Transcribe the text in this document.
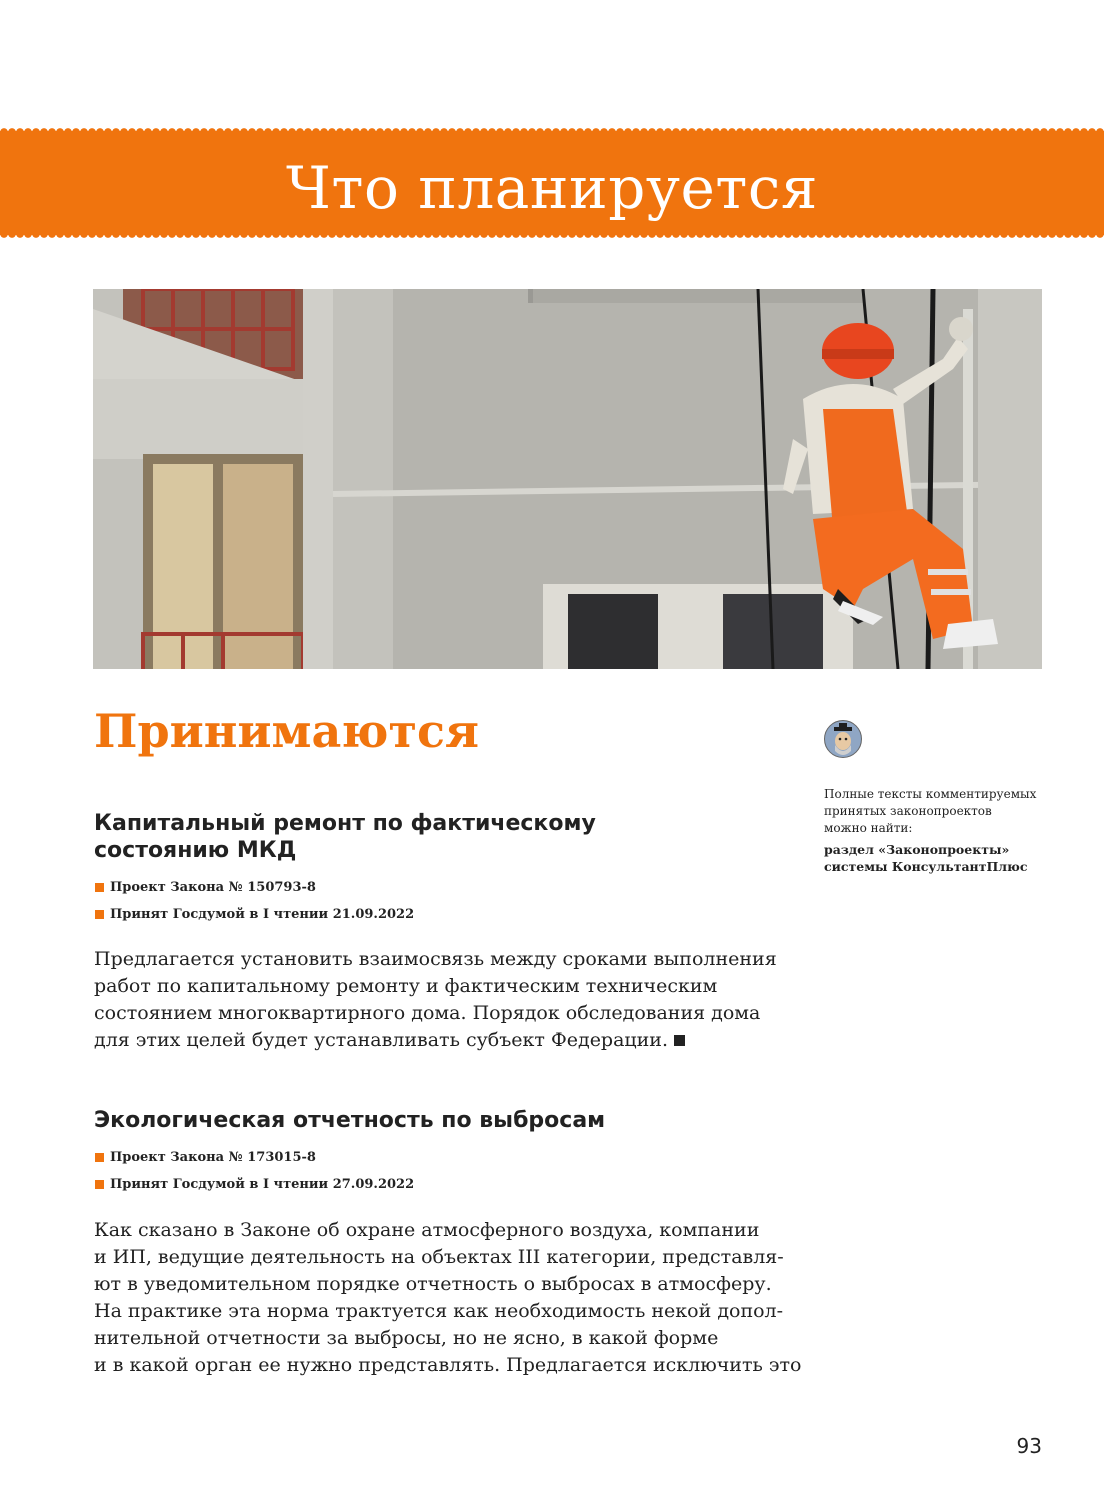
Что планируется
Принимаются
Капитальный ремонт по фактическому
состоянию МКД
Проект Закона № 150793-8
Принят Госдумой в I чтении 21.09.2022

Предлагается установить взаимосвязь между сроками выполнения
работ по капитальному ремонту и фактическим техническим
состоянием многоквартирного дома. Порядок обследования дома
для этих целей будет устанавливать субъект Федерации.

Экологическая отчетность по выбросам
Проект Закона № 173015-8
Принят Госдумой в I чтении 27.09.2022

Как сказано в Законе об охране атмосферного воздуха, компании
и ИП, ведущие деятельность на объектах III категории, представля-
ют в уведомительном порядке отчетность о выбросах в атмосферу.
На практике эта норма трактуется как необходимость некой допол-
нительной отчетности за выбросы, но не ясно, в какой форме
и в какой орган ее нужно представлять. Предлагается исключить это

Полные тексты комментируемых
принятых законопроектов
можно найти:
раздел «Законопроекты»
системы КонсультантПлюс
93
